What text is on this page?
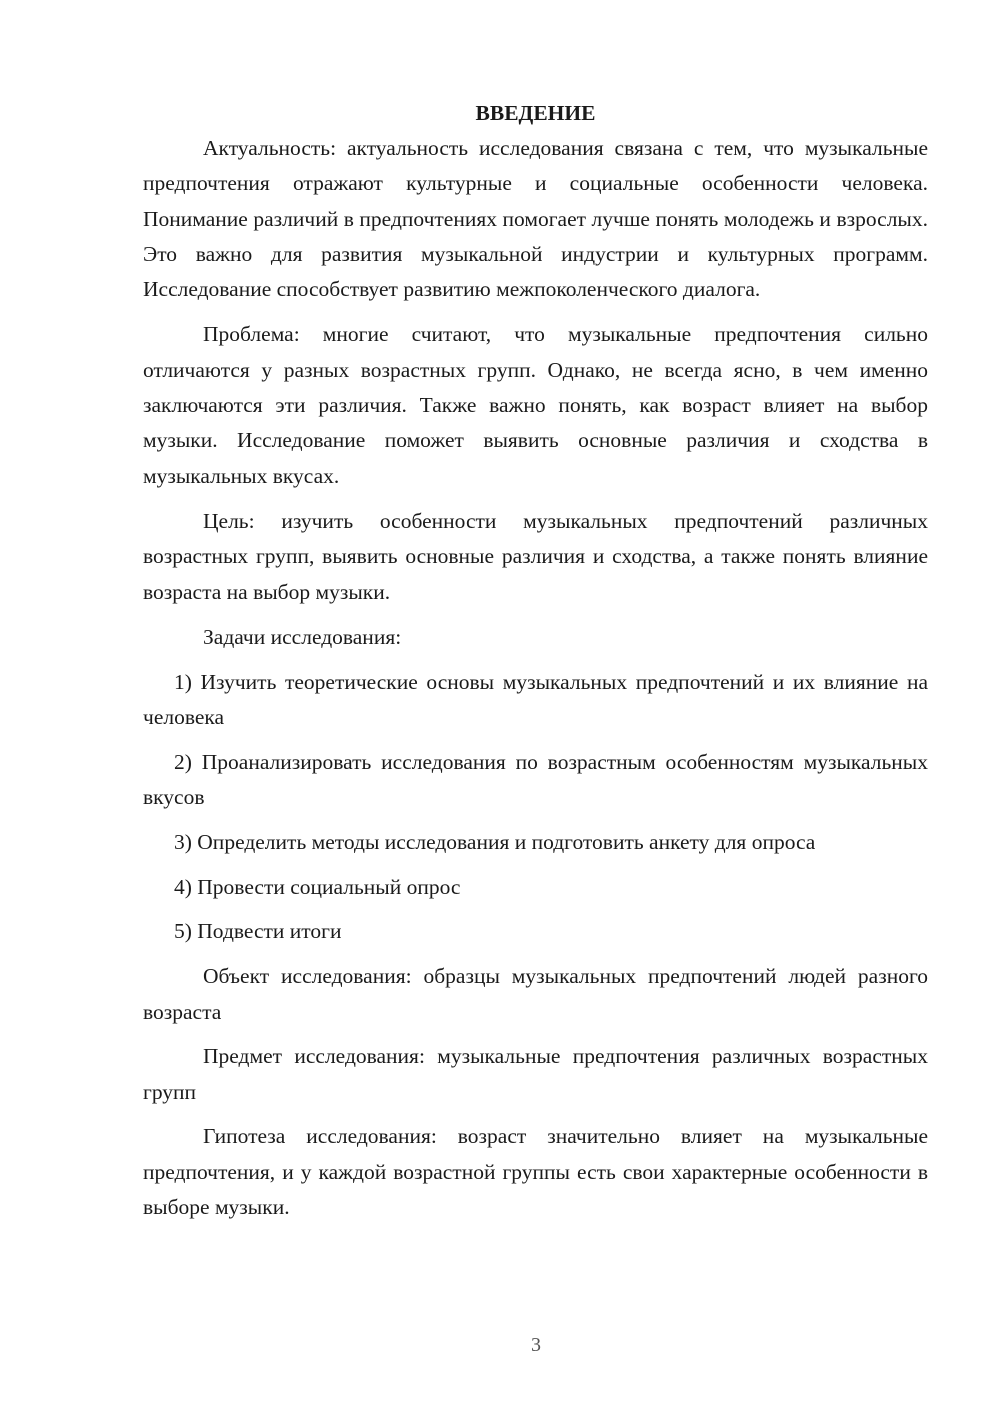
ВВЕДЕНИЕ

Актуальность: актуальность исследования связана с тем, что музыкальные предпочтения отражают культурные и социальные особенности человека. Понимание различий в предпочтениях помогает лучше понять молодежь и взрослых. Это важно для развития музыкальной индустрии и культурных программ. Исследование способствует развитию межпоколенческого диалога.

Проблема: многие считают, что музыкальные предпочтения сильно отличаются у разных возрастных групп. Однако, не всегда ясно, в чем именно заключаются эти различия. Также важно понять, как возраст влияет на выбор музыки. Исследование поможет выявить основные различия и сходства в музыкальных вкусах.

Цель: изучить особенности музыкальных предпочтений различных возрастных групп, выявить основные различия и сходства, а также понять влияние возраста на выбор музыки.

Задачи исследования:

1) Изучить теоретические основы музыкальных предпочтений и их влияние на человека

2) Проанализировать исследования по возрастным особенностям музыкальных вкусов

3) Определить методы исследования и подготовить анкету для опроса

4) Провести социальный опрос

5) Подвести итоги

Объект исследования: образцы музыкальных предпочтений людей разного возраста

Предмет исследования: музыкальные предпочтения различных возрастных групп

Гипотеза исследования: возраст значительно влияет на музыкальные предпочтения, и у каждой возрастной группы есть свои характерные особенности в выборе музыки.

3
